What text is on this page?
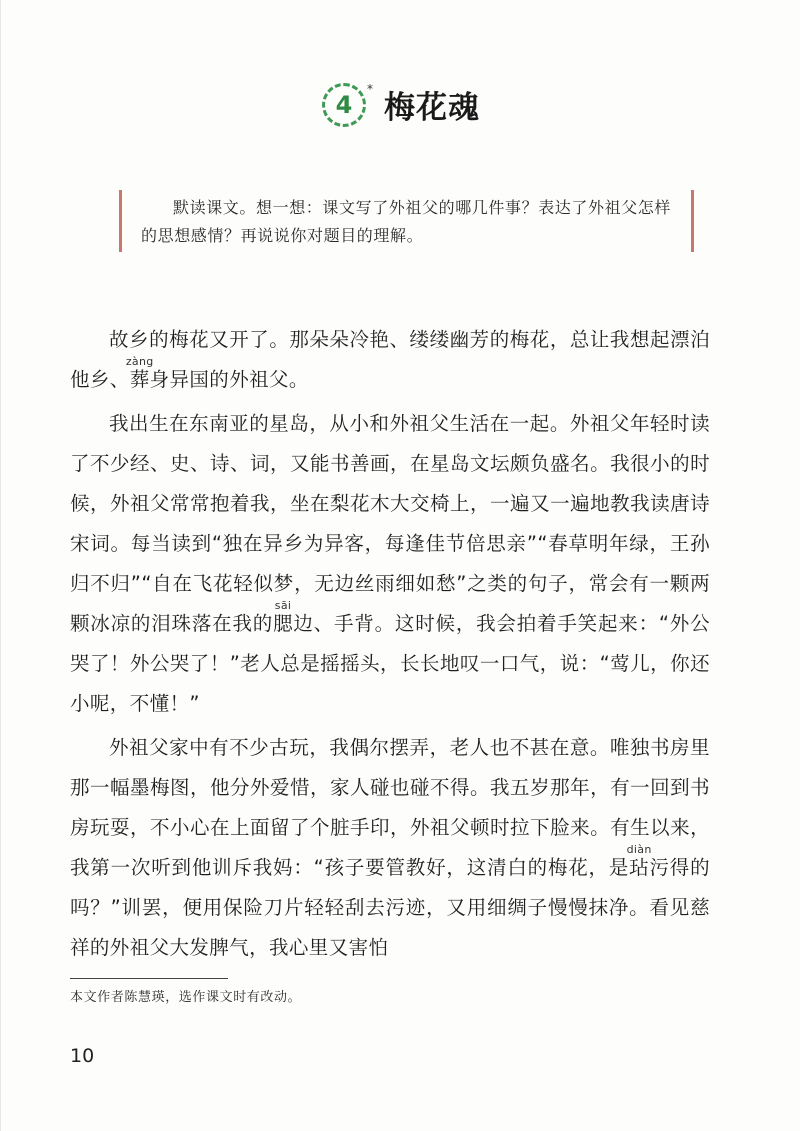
4
*
梅花魂
默读课文。想一想：课文写了外祖父的哪几件事？表达了外祖父怎样的思想感情？再说说你对题目的理解。

故乡的梅花又开了。那朵朵冷艳、缕缕幽芳的梅花，总让我想起漂泊他乡、葬zàng身异国的外祖父。

我出生在东南亚的星岛，从小和外祖父生活在一起。外祖父年轻时读了不少经、史、诗、词，又能书善画，在星岛文坛颇负盛名。我很小的时候，外祖父常常抱着我，坐在梨花木大交椅上，一遍又一遍地教我读唐诗宋词。每当读到“独在异乡为异客，每逢佳节倍思亲”“春草明年绿，王孙归不归”“自在飞花轻似梦，无边丝雨细如愁”之类的句子，常会有一颗两颗冰凉的泪珠落在我的腮sāi边、手背。这时候，我会拍着手笑起来：“外公哭了！外公哭了！”老人总是摇摇头，长长地叹一口气，说：“莺儿，你还小呢，不懂！”

外祖父家中有不少古玩，我偶尔摆弄，老人也不甚在意。唯独书房里那一幅墨梅图，他分外爱惜，家人碰也碰不得。我五岁那年，有一回到书房玩耍，不小心在上面留了个脏手印，外祖父顿时拉下脸来。有生以来，我第一次听到他训斥我妈：“孩子要管教好，这清白的梅花，是玷diàn污得的吗？”训罢，便用保险刀片轻轻刮去污迹，又用细绸子慢慢抹净。看见慈祥的外祖父大发脾气，我心里又害怕

本文作者陈慧瑛，选作课文时有改动。
10
